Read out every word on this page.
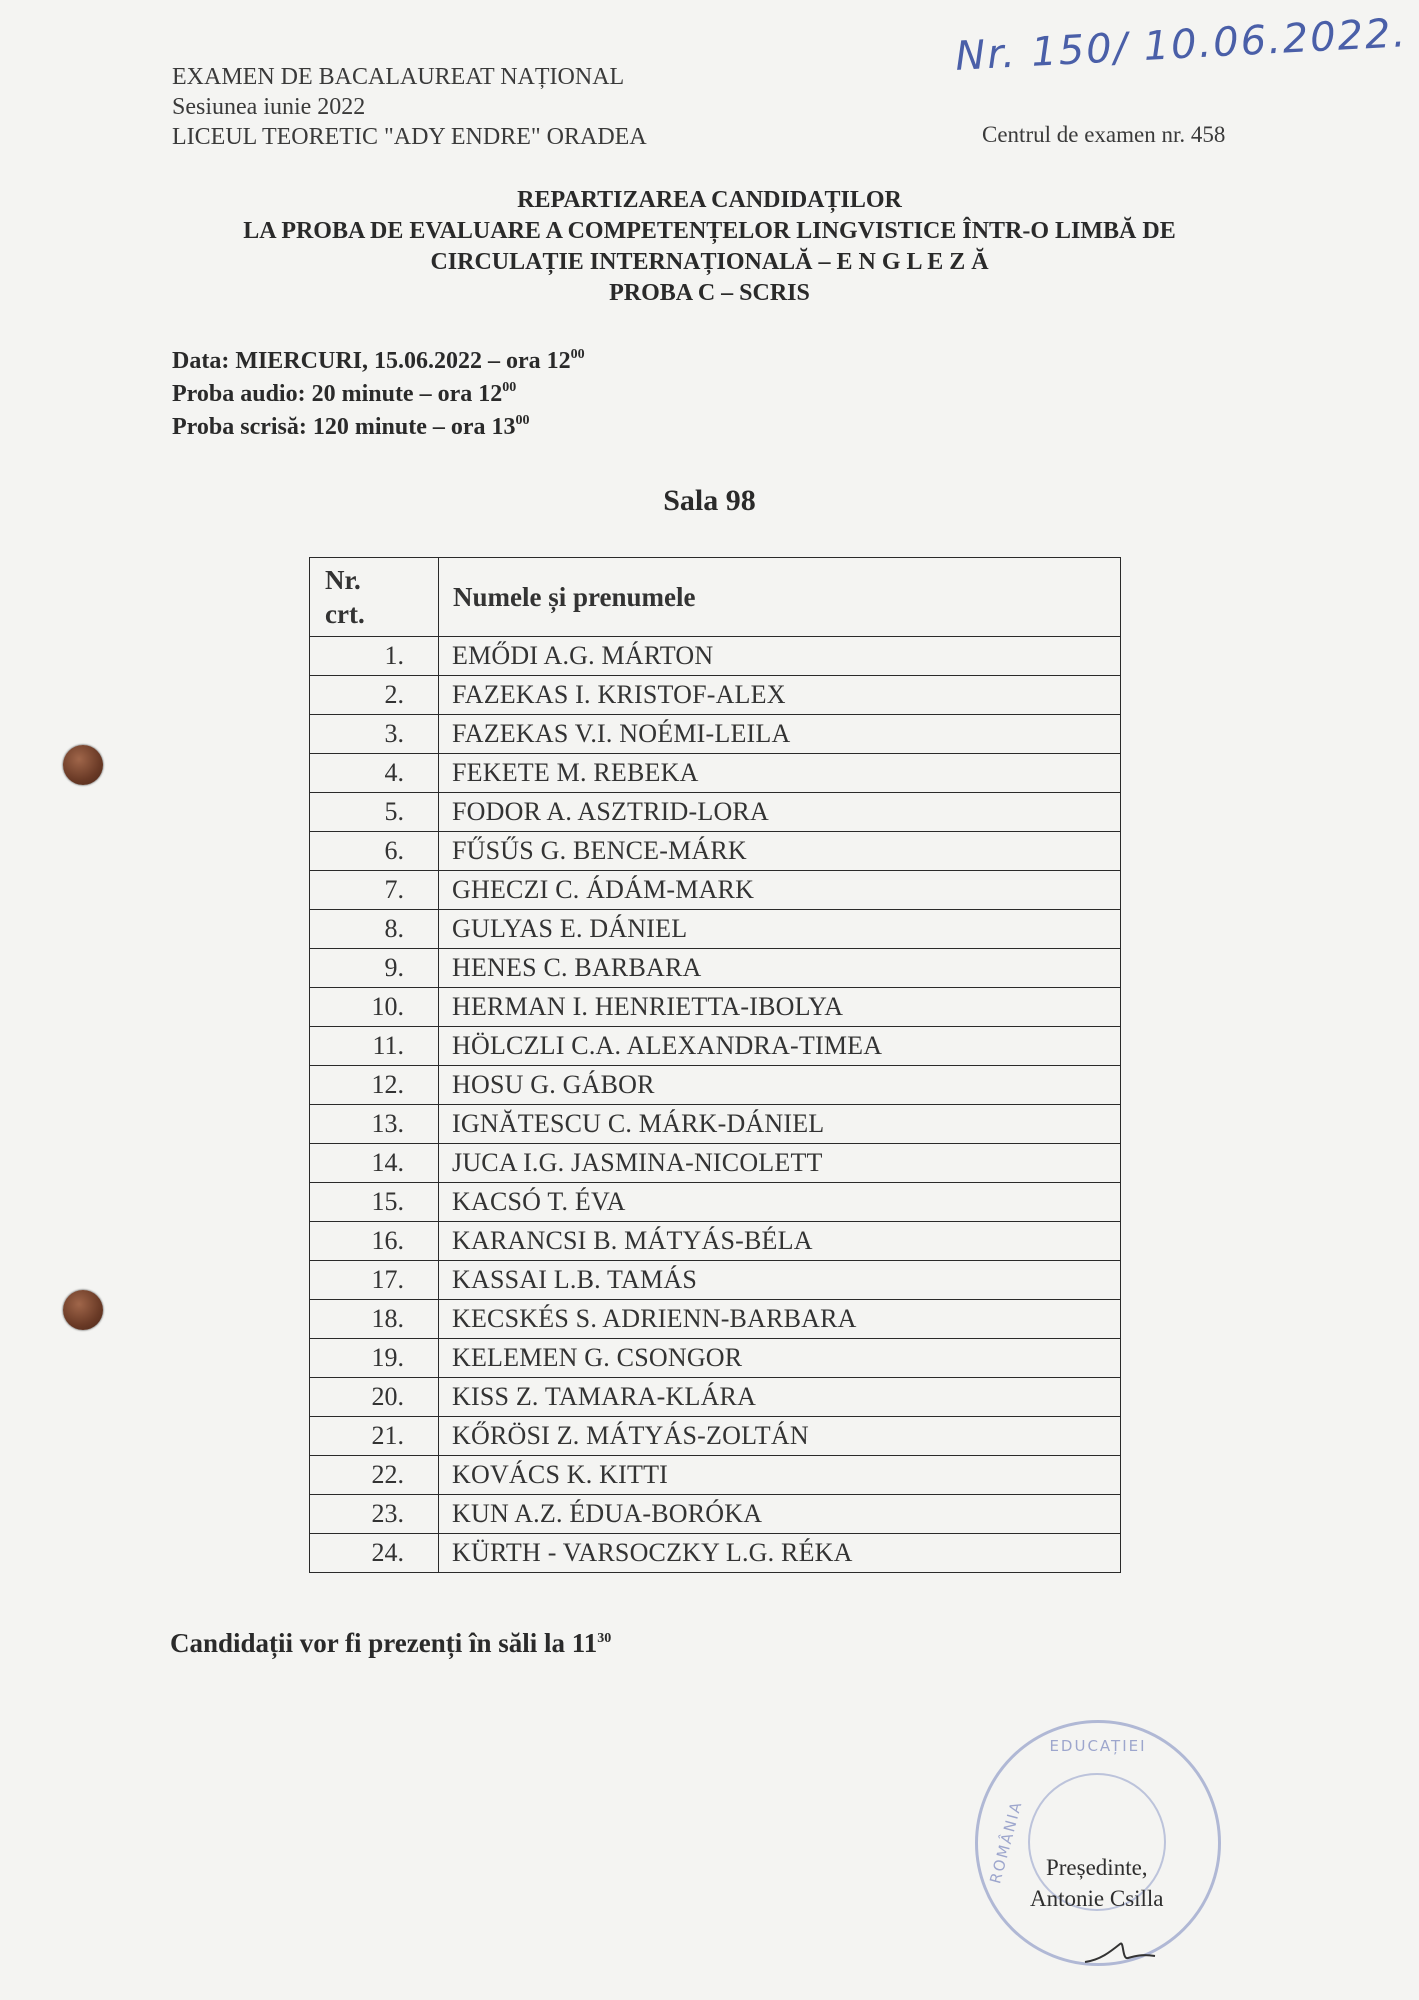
EXAMEN DE BACALAUREAT NAȚIONAL
Sesiunea iunie 2022
LICEUL TEORETIC "ADY ENDRE" ORADEA
Nr. 150/ 10.06.2022.
Centrul de examen nr. 458
REPARTIZAREA CANDIDAȚILOR
LA PROBA DE EVALUARE A COMPETENȚELOR LINGVISTICE ÎNTR-O LIMBĂ DE
CIRCULAȚIE INTERNAȚIONALĂ – E N G L E Z Ă
PROBA C – SCRIS
Data: MIERCURI, 15.06.2022 – ora $12^{00}$
Proba audio: 20 minute – ora $12^{00}$
Proba scrisă: 120 minute – ora $13^{00}$
Sala 98
Nr.
crt.	Numele și prenumele
1.	EMŐDI A.G. MÁRTON
2.	FAZEKAS I. KRISTOF-ALEX
3.	FAZEKAS V.I. NOÉMI-LEILA
4.	FEKETE M. REBEKA
5.	FODOR A. ASZTRID-LORA
6.	FŰSŰS G. BENCE-MÁRK
7.	GHECZI C. ÁDÁM-MARK
8.	GULYAS E. DÁNIEL
9.	HENES C. BARBARA
10.	HERMAN I. HENRIETTA-IBOLYA
11.	HÖLCZLI C.A. ALEXANDRA-TIMEA
12.	HOSU G. GÁBOR
13.	IGNĂTESCU C. MÁRK-DÁNIEL
14.	JUCA I.G. JASMINA-NICOLETT
15.	KACSÓ T. ÉVA
16.	KARANCSI B. MÁTYÁS-BÉLA
17.	KASSAI L.B. TAMÁS
18.	KECSKÉS S. ADRIENN-BARBARA
19.	KELEMEN G. CSONGOR
20.	KISS Z. TAMARA-KLÁRA
21.	KŐRÖSI Z. MÁTYÁS-ZOLTÁN
22.	KOVÁCS K. KITTI
23.	KUN A.Z. ÉDUA-BORÓKA
24.	KÜRTH - VARSOCZKY L.G. RÉKA
Candidații vor fi prezenți în săli la $11^{30}$
EDUCAȚIEI
ROMÂNIA Președinte,
Antonie Csilla
